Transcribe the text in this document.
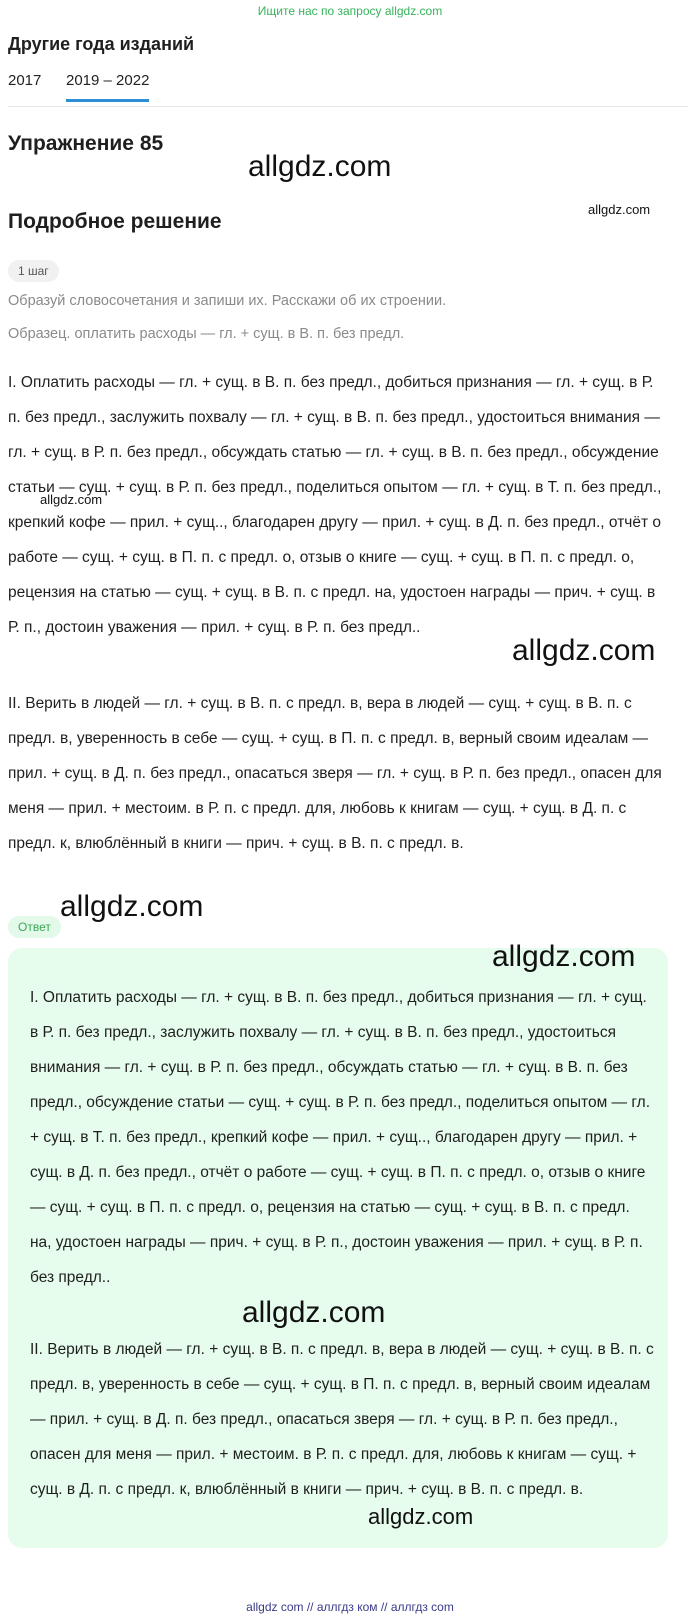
Ищите нас по запросу allgdz.com
Другие года изданий
2017 2019 – 2022
Упражнение 85
allgdz.com
Подробное решение
allgdz.com
1 шаг

Образуй словосочетания и запиши их. Расскажи об их строении.

Образец. оплатить расходы — гл. + сущ. в В. п. без предл.

I. Оплатить расходы — гл. + сущ. в В. п. без предл., добиться признания — гл. + сущ. в Р. п. без предл., заслужить похвалу — гл. + сущ. в В. п. без предл., удостоиться внимания — гл. + сущ. в Р. п. без предл., обсуждать статью — гл. + сущ. в В. п. без предл., обсуждение статьи — сущ. + сущ. в Р. п. без предл., поделиться опытом — гл. + сущ. в Т. п. без предл., крепкий кофе — прил. + сущ.., благодарен другу — прил. + сущ. в Д. п. без предл., отчёт о работе — сущ. + сущ. в П. п. с предл. о, отзыв о книге — сущ. + сущ. в П. п. с предл. о, рецензия на статью — сущ. + сущ. в В. п. с предл. на, удостоен награды — прич. + сущ. в Р. п., достоин уважения — прил. + сущ. в Р. п. без предл..

allgdz.com
allgdz.com

II. Верить в людей — гл. + сущ. в В. п. с предл. в, вера в людей — сущ. + сущ. в В. п. с предл. в, уверенность в себе — сущ. + сущ. в П. п. с предл. в, верный своим идеалам — прил. + сущ. в Д. п. без предл., опасаться зверя — гл. + сущ. в Р. п. без предл., опасен для меня — прил. + местоим. в Р. п. с предл. для, любовь к книгам — сущ. + сущ. в Д. п. с предл. к, влюблённый в книги — прич. + сущ. в В. п. с предл. в.

allgdz.com
Ответ
allgdz.com

I. Оплатить расходы — гл. + сущ. в В. п. без предл., добиться признания — гл. + сущ. в Р. п. без предл., заслужить похвалу — гл. + сущ. в В. п. без предл., удостоиться внимания — гл. + сущ. в Р. п. без предл., обсуждать статью — гл. + сущ. в В. п. без предл., обсуждение статьи — сущ. + сущ. в Р. п. без предл., поделиться опытом — гл. + сущ. в Т. п. без предл., крепкий кофе — прил. + сущ.., благодарен другу — прил. + сущ. в Д. п. без предл., отчёт о работе — сущ. + сущ. в П. п. с предл. о, отзыв о книге — сущ. + сущ. в П. п. с предл. о, рецензия на статью — сущ. + сущ. в В. п. с предл. на, удостоен награды — прич. + сущ. в Р. п., достоин уважения — прил. + сущ. в Р. п. без предл..

allgdz.com

II. Верить в людей — гл. + сущ. в В. п. с предл. в, вера в людей — сущ. + сущ. в В. п. с предл. в, уверенность в себе — сущ. + сущ. в П. п. с предл. в, верный своим идеалам — прил. + сущ. в Д. п. без предл., опасаться зверя — гл. + сущ. в Р. п. без предл., опасен для меня — прил. + местоим. в Р. п. с предл. для, любовь к книгам — сущ. + сущ. в Д. п. с предл. к, влюблённый в книги — прич. + сущ. в В. п. с предл. в.

allgdz.com
allgdz com // аллгдз ком // аллгдз com
